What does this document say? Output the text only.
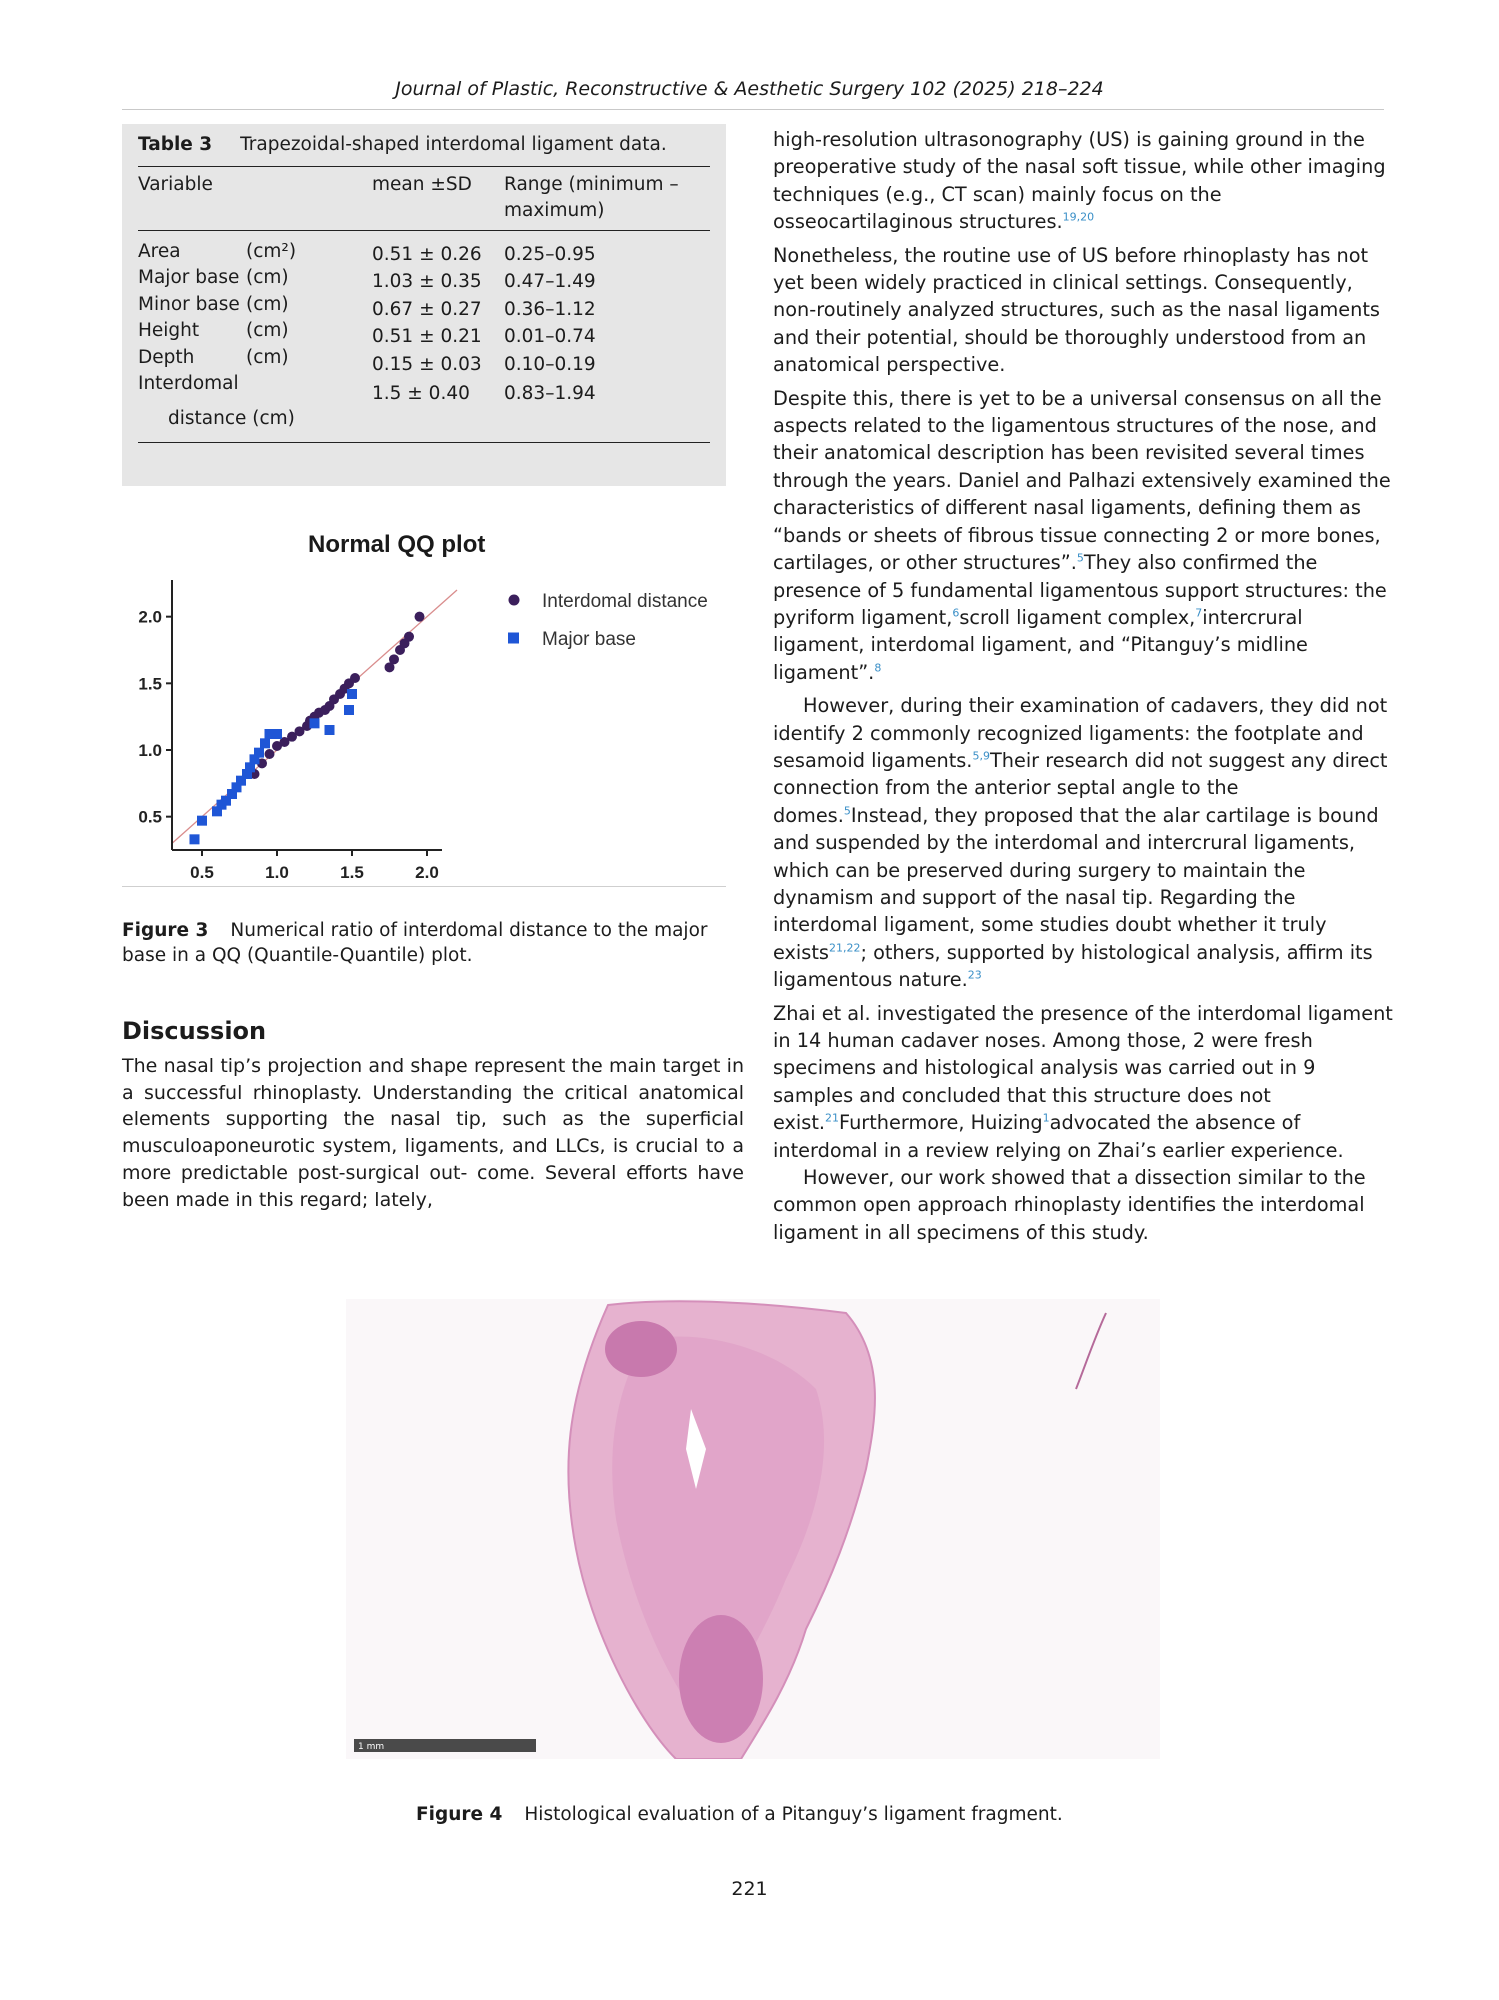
Journal of Plastic, Reconstructive & Aesthetic Surgery 102 (2025) 218–224
Table 3 Trapezoidal-shaped interdomal ligament data.
Variable	mean ±SD Range (minimum –
maximum)
Area	(cm²)	0.51 ± 0.26 0.25–0.95
Major base (cm)	1.03 ± 0.35 0.47–1.49
Minor base (cm)	0.67 ± 0.27 0.36–1.12
Height	(cm)	0.51 ± 0.21 0.01–0.74
Depth	(cm)	0.15 ± 0.03 0.10–0.19
Interdomal
distance (cm)
1.5 ± 0.40 0.83–1.94
Normal QQ plot
0.5	1.0	1.5	2.0
0.5
1.0
1.5
2.0
Interdomal distance
Major base
Figure 3 Numerical ratio of interdomal distance to the major base in a QQ (Quantile-Quantile) plot.
Discussion
The nasal tip’s projection and shape represent the main target in a successful rhinoplasty. Understanding the critical anatomical elements supporting the nasal tip, such as the superficial musculoaponeurotic system, ligaments, and LLCs, is crucial to a more predictable post-surgical out- come. Several efforts have been made in this regard; lately,

high-resolution ultrasonography (US) is gaining ground in the preoperative study of the nasal soft tissue, while other imaging techniques (e.g., CT scan) mainly focus on the osseocartilaginous structures.$^{19,20}$

Nonetheless, the routine use of US before rhinoplasty has not yet been widely practiced in clinical settings. Consequently, non-routinely analyzed structures, such as the nasal ligaments and their potential, should be thoroughly understood from an anatomical perspective.

Despite this, there is yet to be a universal consensus on all the aspects related to the ligamentous structures of the nose, and their anatomical description has been revisited several times through the years. Daniel and Palhazi extensively examined the characteristics of different nasal ligaments, defining them as “bands or sheets of fibrous tissue connecting 2 or more bones, cartilages, or other structures”.$^5$They also confirmed the presence of 5 fundamental ligamentous support structures: the pyriform ligament,$^6$scroll ligament complex,$^7$intercrural ligament, interdomal ligament, and “Pitanguy’s midline ligament”.$^8$

However, during their examination of cadavers, they did not identify 2 commonly recognized ligaments: the footplate and sesamoid ligaments.$^{5,9}$Their research did not suggest any direct connection from the anterior septal angle to the domes.$^5$Instead, they proposed that the alar cartilage is bound and suspended by the interdomal and intercrural ligaments, which can be preserved during surgery to maintain the dynamism and support of the nasal tip. Regarding the interdomal ligament, some studies doubt whether it truly exists$^{21,22}$; others, supported by histological analysis, affirm its ligamentous nature.$^{23}$

Zhai et al. investigated the presence of the interdomal ligament in 14 human cadaver noses. Among those, 2 were fresh specimens and histological analysis was carried out in 9 samples and concluded that this structure does not exist.$^{21}$Furthermore, Huizing$^1$advocated the absence of interdomal in a review relying on Zhai’s earlier experience.

However, our work showed that a dissection similar to the common open approach rhinoplasty identifies the interdomal ligament in all specimens of this study.

1 mm
Figure 4 Histological evaluation of a Pitanguy’s ligament fragment.
221
